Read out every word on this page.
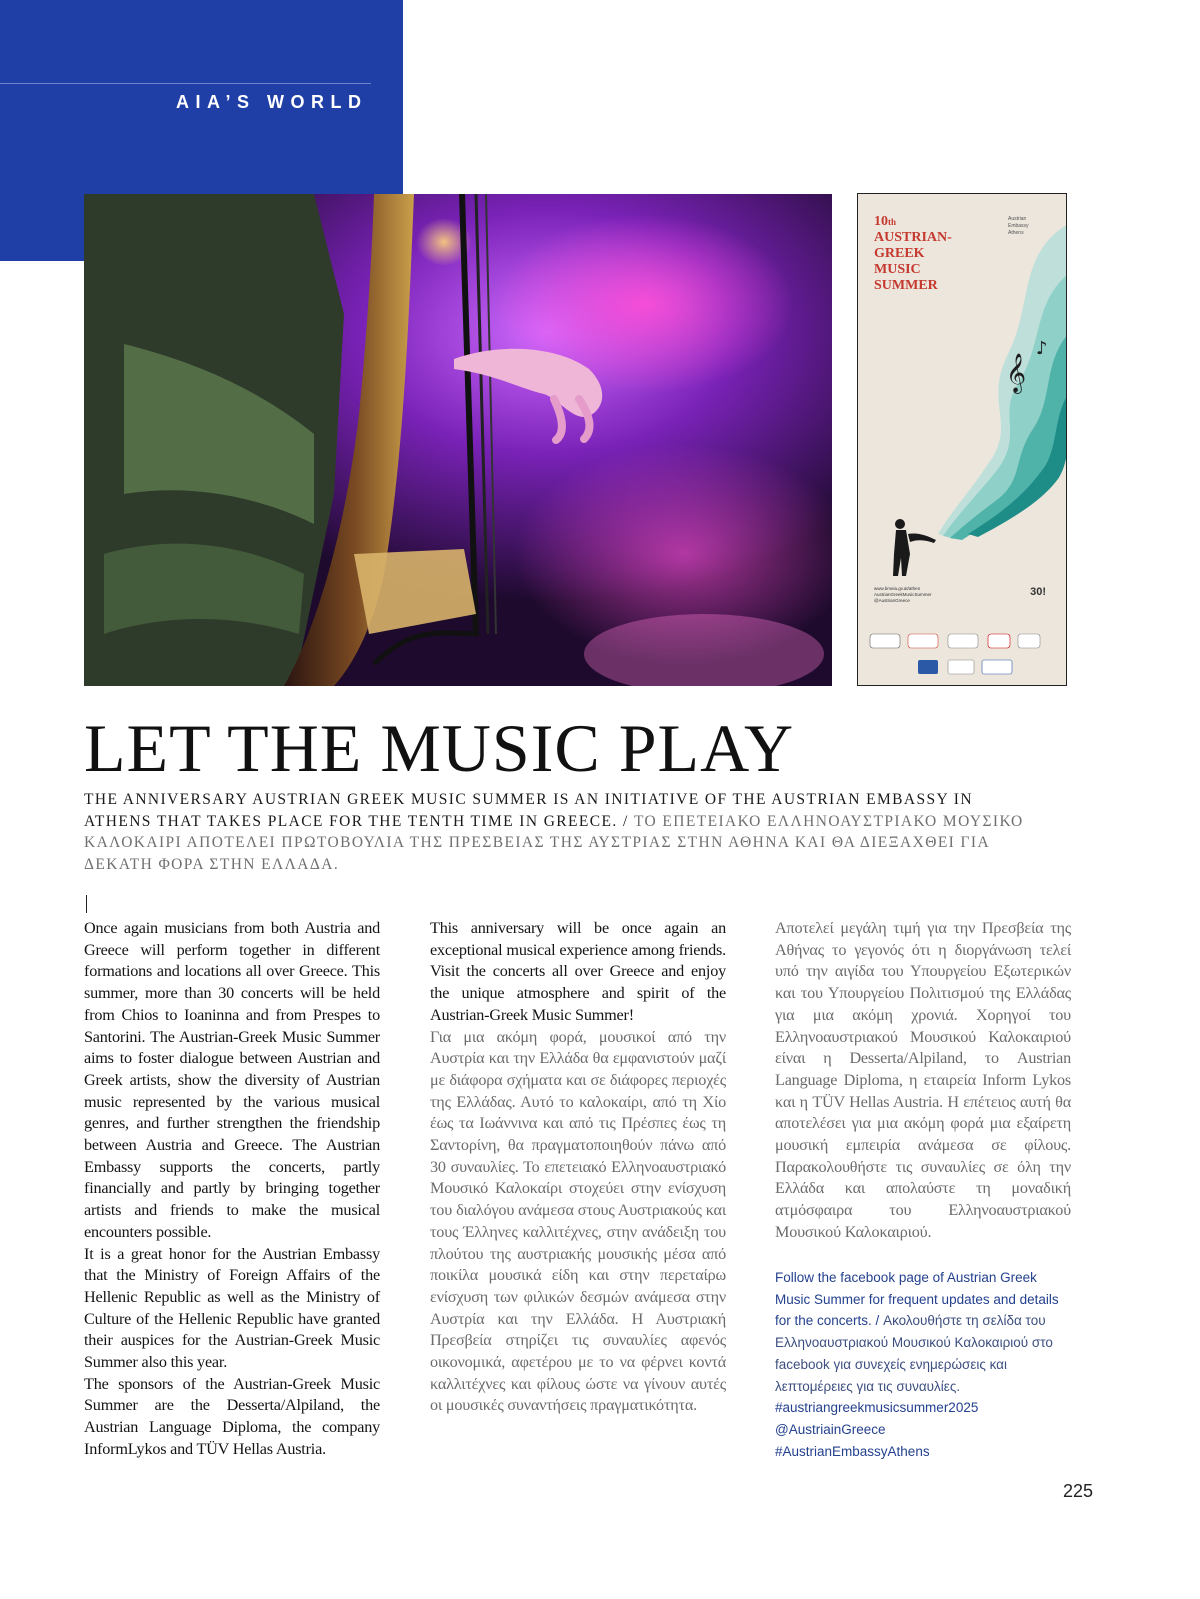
AIA’S WORLD
𝄞
♪
10th
AUSTRIAN-
GREEK
MUSIC
SUMMER
Austrian
Embassy
Athens
www.bmeia.gv.at/athen
AustrianGreekMusicSummer
@AustrianGreece
30!
LET THE MUSIC PLAY
THE ANNIVERSARY AUSTRIAN GREEK MUSIC SUMMER IS AN INITIATIVE OF THE AUSTRIAN EMBASSY IN ATHENS THAT TAKES PLACE FOR THE TENTH TIME IN GREECE. / ΤΟ ΕΠΕΤΕΙΑΚΟ ΕΛΛΗΝΟΑΥΣΤΡΙΑΚΟ ΜΟΥΣΙΚΟ ΚΑΛΟΚΑΙΡΙ ΑΠΟΤΕΛΕΙ ΠΡΩΤΟΒΟΥΛΙΑ ΤΗΣ ΠΡΕΣΒΕΙΑΣ ΤΗΣ ΑΥΣΤΡΙΑΣ ΣΤΗΝ ΑΘΗΝΑ ΚΑΙ ΘΑ ΔΙΕΞΑΧΘΕΙ ΓΙΑ ΔΕΚΑΤΗ ΦΟΡΑ ΣΤΗΝ ΕΛΛΑΔΑ.

Once again musicians from both Austria and Greece will perform together in different formations and locations all over Greece. This summer, more than 30 concerts will be held from Chios to Ioaninna and from Prespes to Santorini. The Austrian-Greek Music Summer aims to foster dialogue between Austrian and Greek artists, show the diversity of Austrian music represented by the various musical genres, and further strengthen the friendship between Austria and Greece. The Austrian Embassy supports the concerts, partly financially and partly by bringing together artists and friends to make the musical encounters possible.

It is a great honor for the Austrian Embassy that the Ministry of Foreign Affairs of the Hellenic Republic as well as the Ministry of Culture of the Hellenic Republic have granted their auspices for the Austrian-Greek Music Summer also this year.

The sponsors of the Austrian-Greek Music Summer are the Desserta/Alpiland, the Austrian Language Diploma, the company InformLykos and TÜV Hellas Austria.

This anniversary will be once again an exceptional musical experience among friends. Visit the concerts all over Greece and enjoy the unique atmosphere and spirit of the Austrian-Greek Music Summer!

Για μια ακόμη φορά, μουσικοί από την Αυστρία και την Ελλάδα θα εμφανιστούν μαζί με διάφορα σχήματα και σε διάφορες περιοχές της Ελλάδας. Αυτό το καλοκαίρι, από τη Χίο έως τα Ιωάννινα και από τις Πρέσπες έως τη Σαντορίνη, θα πραγματοποιηθούν πάνω από 30 συναυλίες. Το επετειακό Ελληνοαυστριακό Μουσικό Καλοκαίρι στοχεύει στην ενίσχυση του διαλόγου ανάμεσα στους Αυστριακούς και τους Έλληνες καλλιτέχνες, στην ανάδειξη του πλούτου της αυστριακής μουσικής μέσα από ποικίλα μουσικά είδη και στην περεταίρω ενίσχυση των φιλικών δεσμών ανάμεσα στην Αυστρία και την Ελλάδα. Η Αυστριακή Πρεσβεία στηρίζει τις συναυλίες αφενός οικονομικά, αφετέρου με το να φέρνει κοντά καλλιτέχνες και φίλους ώστε να γίνουν αυτές οι μουσικές συναντήσεις πραγματικότητα.

Αποτελεί μεγάλη τιμή για την Πρεσβεία της Αθήνας το γεγονός ότι η διοργάνωση τελεί υπό την αιγίδα του Υπουργείου Εξωτερικών και του Υπουργείου Πολιτισμού της Ελλάδας για μια ακόμη χρονιά. Χορηγοί του Ελληνοαυστριακού Μουσικού Καλοκαιριού είναι η Desserta/Alpiland, το Austrian Language Diploma, η εταιρεία Inform Lykos και η TÜV Hellas Austria. Η επέτειος αυτή θα αποτελέσει για μια ακόμη φορά μια εξαίρετη μουσική εμπειρία ανάμεσα σε φίλους. Παρακολουθήστε τις συναυλίες σε όλη την Ελλάδα και απολαύστε τη μοναδική ατμόσφαιρα του Ελληνοαυστριακού Μουσικού Καλοκαιριού.

Follow the facebook page of Austrian Greek Music Summer for frequent updates and details for the concerts. / Ακολουθήστε τη σελίδα του Ελληνοαυστριακού Μουσικού Καλοκαιριού στο facebook για συνεχείς ενημερώσεις και λεπτομέρειες για τις συναυλίες.
#austriangreekmusicsummer2025
@AustriainGreece
#AustrianEmbassyAthens
225
